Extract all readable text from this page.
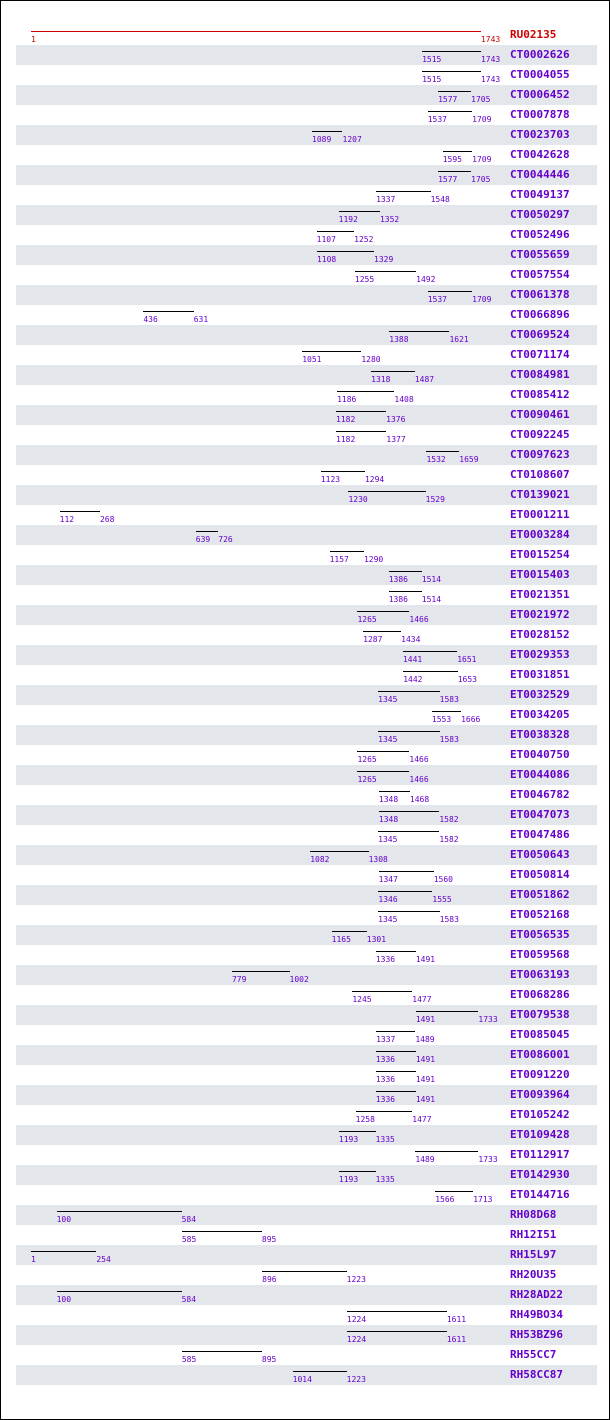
1	1743 RU02135
1515	1743 CT0002626
1515	1743 CT0004055
1577 1705 CT0006452
1537	1709 CT0007878
1089 1207	CT0023703
1595 1709 CT0042628
1577 1705 CT0044446
1337	1548	CT0049137
1192	1352	CT0050297
1107 1252	CT0052496
1108	1329	CT0055659
1255	1492	CT0057554
1537	1709 CT0061378
436	631	CT0066896
1388	1621	CT0069524
1051	1280	CT0071174
1318	1487	CT0084981
1186	1408	CT0085412
1182	1376	CT0090461
1182	1377	CT0092245
1532 1659	CT0097623
1123	1294	CT0108607
1230	1529	CT0139021
112	268	ET0001211
639 726	ET0003284
1157 1290	ET0015254
1386 1514	ET0015403
1386 1514	ET0021351
1265	1466	ET0021972
1287 1434	ET0028152
1441	1651	ET0029353
1442	1653	ET0031851
1345	1583	ET0032529
1553 1666	ET0034205
1345	1583	ET0038328
1265	1466	ET0040750
1265	1466	ET0044086
1348 1468	ET0046782
1348	1582	ET0047073
1345	1582	ET0047486
1082	1308	ET0050643
1347	1560	ET0050814
1346	1555	ET0051862
1345	1583	ET0052168
1165 1301	ET0056535
1336	1491	ET0059568
779	1002	ET0063193
1245	1477	ET0068286
1491	1733 ET0079538
1337	1489	ET0085045
1336	1491	ET0086001
1336	1491	ET0091220
1336	1491	ET0093964
1258	1477	ET0105242
1193 1335	ET0109428
1489	1733 ET0112917
1193 1335	ET0142930
1566 1713 ET0144716
100	584	RH08D68
585	895	RH12I51
1	254	RH15L97
896	1223	RH20U35
100	584	RH28AD22
1224	1611	RH49BO34
1224	1611	RH53BZ96
585	895	RH55CC7
1014	1223	RH58CC87
